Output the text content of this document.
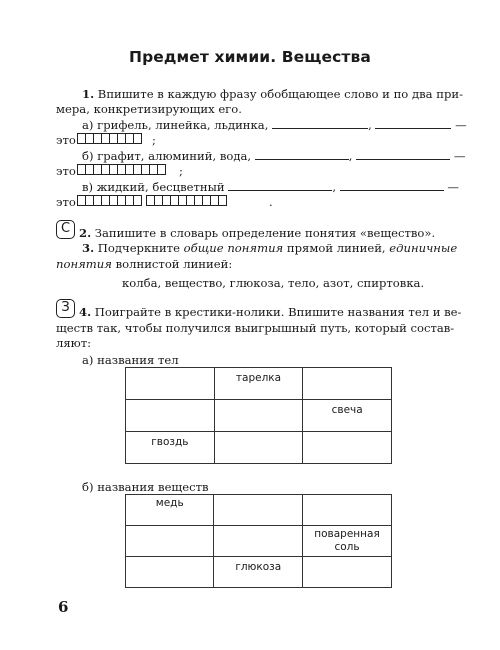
Предмет химии. Вещества
1. Впишите в каждую фразу обобщающее слово и по два при-
мера, конкретизирующих его.
а) грифель, линейка, льдинка,	,	—
это	;
б) графит, алюминий, вода,	,	—
это	;
в) жидкий, бесцветный	,	—
это	.
С 2. Запишите в словарь определение понятия «вещество».
3. Подчеркните общие понятия прямой линией, единичные
понятия волнистой линией:
колба, вещество, глюкоза, тело, азот, спиртовка.
З 4. Поиграйте в крестики-нолики. Впишите названия тел и ве-
ществ так, чтобы получился выигрышный путь, который состав-
ляют:
а) названия тел
	тарелка	
		свеча
гвоздь		
б) названия веществ
медь		
		поваренная соль
	глюкоза	
6
